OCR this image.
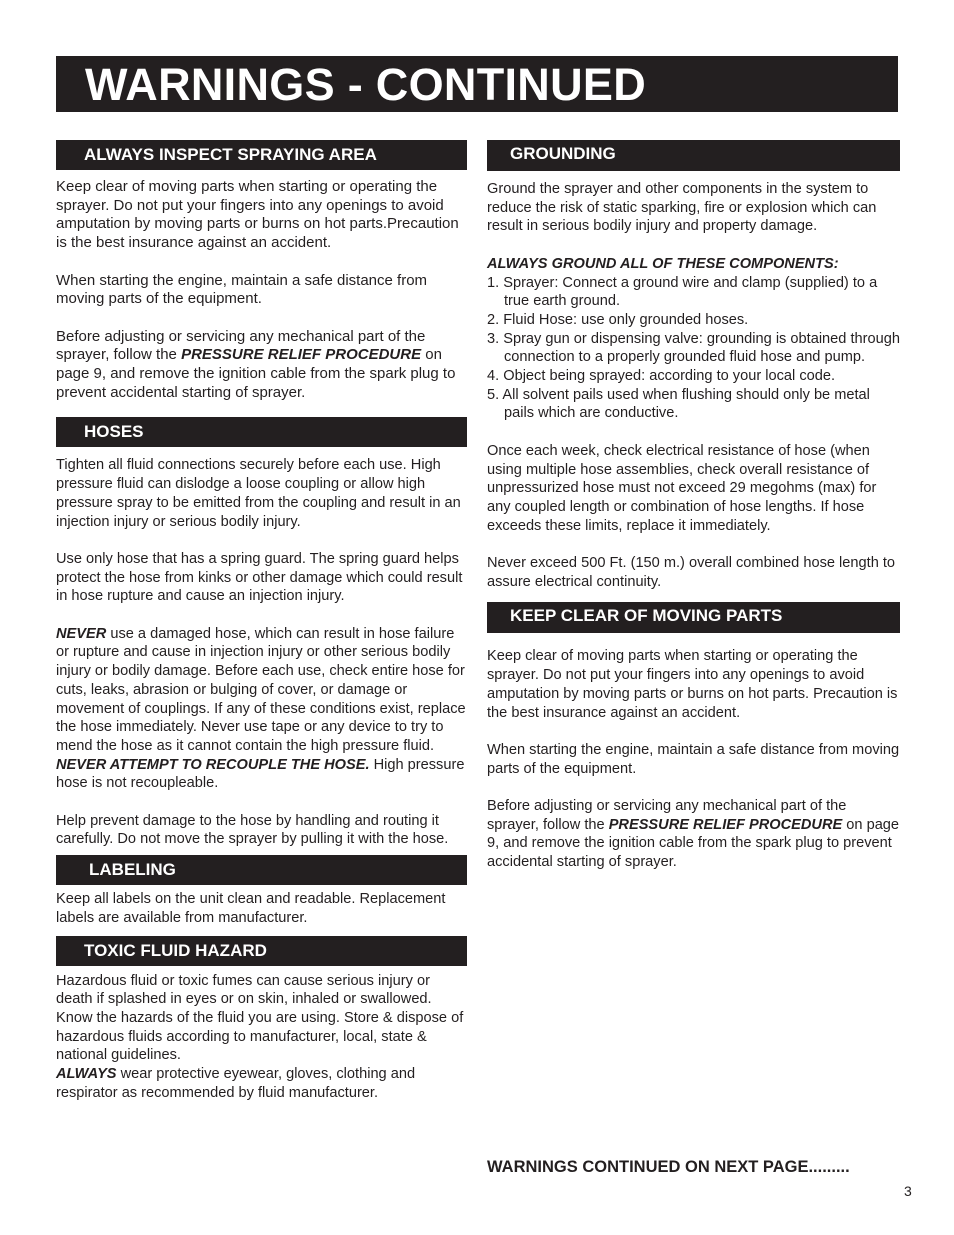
WARNINGS - CONTINUED
ALWAYS INSPECT SPRAYING AREA

Keep clear of moving parts when starting or operating the sprayer. Do not put your fingers into any openings to avoid amputation by moving parts or burns on hot parts.Precaution is the best insurance against an accident.

When starting the engine, maintain a safe distance from moving parts of the equipment.

Before adjusting or servicing any mechanical part of the sprayer, follow the PRESSURE RELIEF PROCEDURE on page 9, and remove the ignition cable from the spark plug to prevent accidental starting of sprayer.

HOSES

Tighten all fluid connections securely before each use. High pressure fluid can dislodge a loose coupling or allow high pressure spray to be emitted from the coupling and result in an injection injury or serious bodily injury.

Use only hose that has a spring guard. The spring guard helps protect the hose from kinks or other damage which could result in hose rupture and cause an injection injury.

NEVER use a damaged hose, which can result in hose failure or rupture and cause in injection injury or other serious bodily injury or bodily damage. Before each use, check entire hose for cuts, leaks, abrasion or bulging of cover, or damage or movement of couplings. If any of these conditions exist, replace the hose immediately. Never use tape or any device to try to mend the hose as it cannot contain the high pressure fluid. NEVER ATTEMPT TO RECOUPLE THE HOSE. High pressure hose is not recoupleable.

Help prevent damage to the hose by handling and routing it carefully. Do not move the sprayer by pulling it with the hose.

LABELING

Keep all labels on the unit clean and readable. Replacement labels are available from manufacturer.

TOXIC FLUID HAZARD

Hazardous fluid or toxic fumes can cause serious injury or death if splashed in eyes or on skin, inhaled or swallowed. Know the hazards of the fluid you are using. Store & dispose of hazardous fluids according to manufacturer, local, state & national guidelines.

ALWAYS wear protective eyewear, gloves, clothing and respirator as recommended by fluid manufacturer.

GROUNDING

Ground the sprayer and other components in the system to reduce the risk of static sparking, fire or explosion which can result in serious bodily injury and property damage.

ALWAYS GROUND ALL OF THESE COMPONENTS:

1. Sprayer: Connect a ground wire and clamp (supplied) to a true earth ground.
2. Fluid Hose: use only grounded hoses.
3. Spray gun or dispensing valve: grounding is obtained through connection to a properly grounded fluid hose and pump.
4. Object being sprayed: according to your local code.
5. All solvent pails used when flushing should only be metal pails which are conductive.

Once each week, check electrical resistance of hose (when using multiple hose assemblies, check overall resistance of unpressurized hose must not exceed 29 megohms (max) for any coupled length or combination of hose lengths. If hose exceeds these limits, replace it immediately.

Never exceed 500 Ft. (150 m.) overall combined hose length to assure electrical continuity.

KEEP CLEAR OF MOVING PARTS

Keep clear of moving parts when starting or operating the sprayer. Do not put your fingers into any openings to avoid amputation by moving parts or burns on hot parts. Precaution is the best insurance against an accident.

When starting the engine, maintain a safe distance from moving parts of the equipment.

Before adjusting or servicing any mechanical part of the sprayer, follow the PRESSURE RELIEF PROCEDURE on page 9, and remove the ignition cable from the spark plug to prevent accidental starting of sprayer.

WARNINGS CONTINUED ON NEXT PAGE.........
3
